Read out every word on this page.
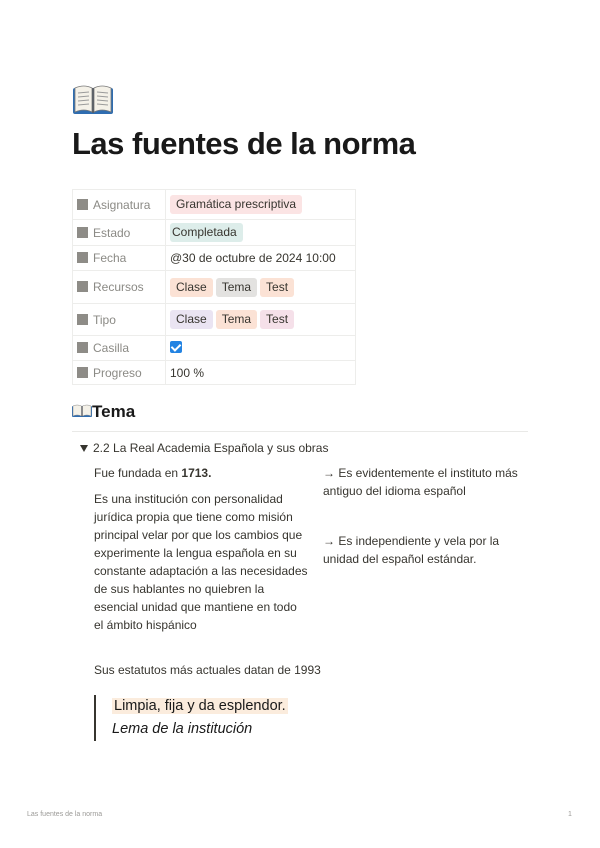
Las fuentes de la norma
Asignatura	Gramática prescriptiva
Estado	Completada
Fecha	@30 de octubre de 2024 10:00
Recursos	Clase Tema Test
Tipo	Clase Tema Test
Casilla	
Progreso	100 %
Tema
2.2 La Real Academia Española y sus obras

Fue fundada en 1713.

Es una institución con personalidad jurídica propia que tiene como misión principal velar por que los cambios que experimente la lengua española en su constante adaptación a las necesidades de sus hablantes no quiebren la esencial unidad que mantiene en todo el ámbito hispánico

→ Es evidentemente el instituto más antiguo del idioma español

→ Es independiente y vela por la unidad del español estándar.

Sus estatutos más actuales datan de 1993
Limpia, fija y da esplendor.
Lema de la institución
Las fuentes de la norma	1
